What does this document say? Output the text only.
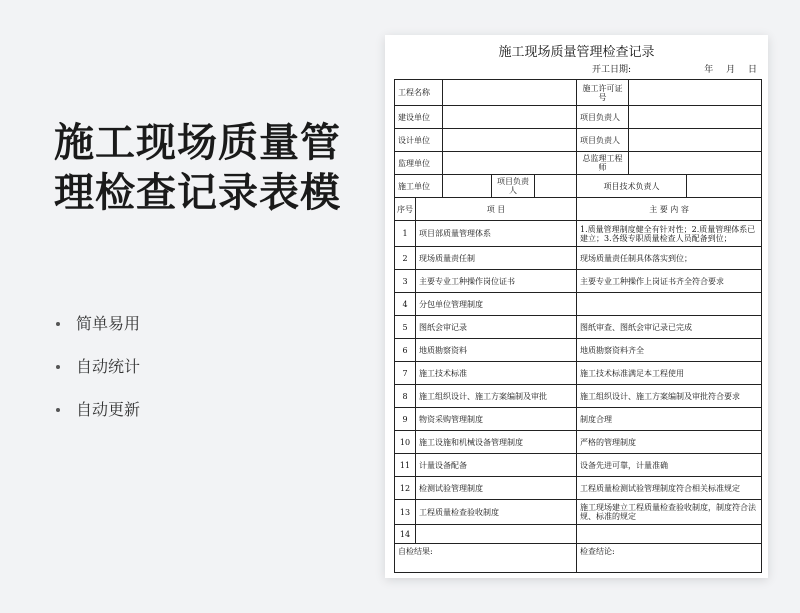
施工现场质量管
理检查记录表模
简单易用
自动统计
自动更新
施工现场质量管理检查记录
开工日期:	年 月 日
工程名称					施工许可证号		
建设单位					项目负责人		
设计单位					项目负责人		
监理单位					总监理工程师		
施工单位			项目负责人		项目技术负责人		
序号	项 目				主 要 内 容		
1	项目部质量管理体系				1.质量管理制度健全有针对性；2.质量管理体系已建立；3.各级专职质量检查人员配备到位；		
2	现场质量责任制				现场质量责任制具体落实到位；		
3	主要专业工种操作岗位证书				主要专业工种操作上岗证书齐全符合要求		
4	分包单位管理制度						
5	图纸会审记录				图纸审查、图纸会审记录已完成		
6	地质勘察资料				地质勘察资料齐全		
7	施工技术标准				施工技术标准满足本工程使用		
8	施工组织设计、施工方案编制及审批				施工组织设计、施工方案编制及审批符合要求		
9	物资采购管理制度				制度合理		
10	施工设施和机械设备管理制度				严格的管理制度		
11	计量设备配备				设备先进可靠，计量准确		
12	检测试验管理制度				工程质量检测试验管理制度符合相关标准规定		
13	工程质量检查验收制度				施工现场建立工程质量检查验收制度，制度符合法规、标准的规定		
14							
自检结果:					检查结论:		
